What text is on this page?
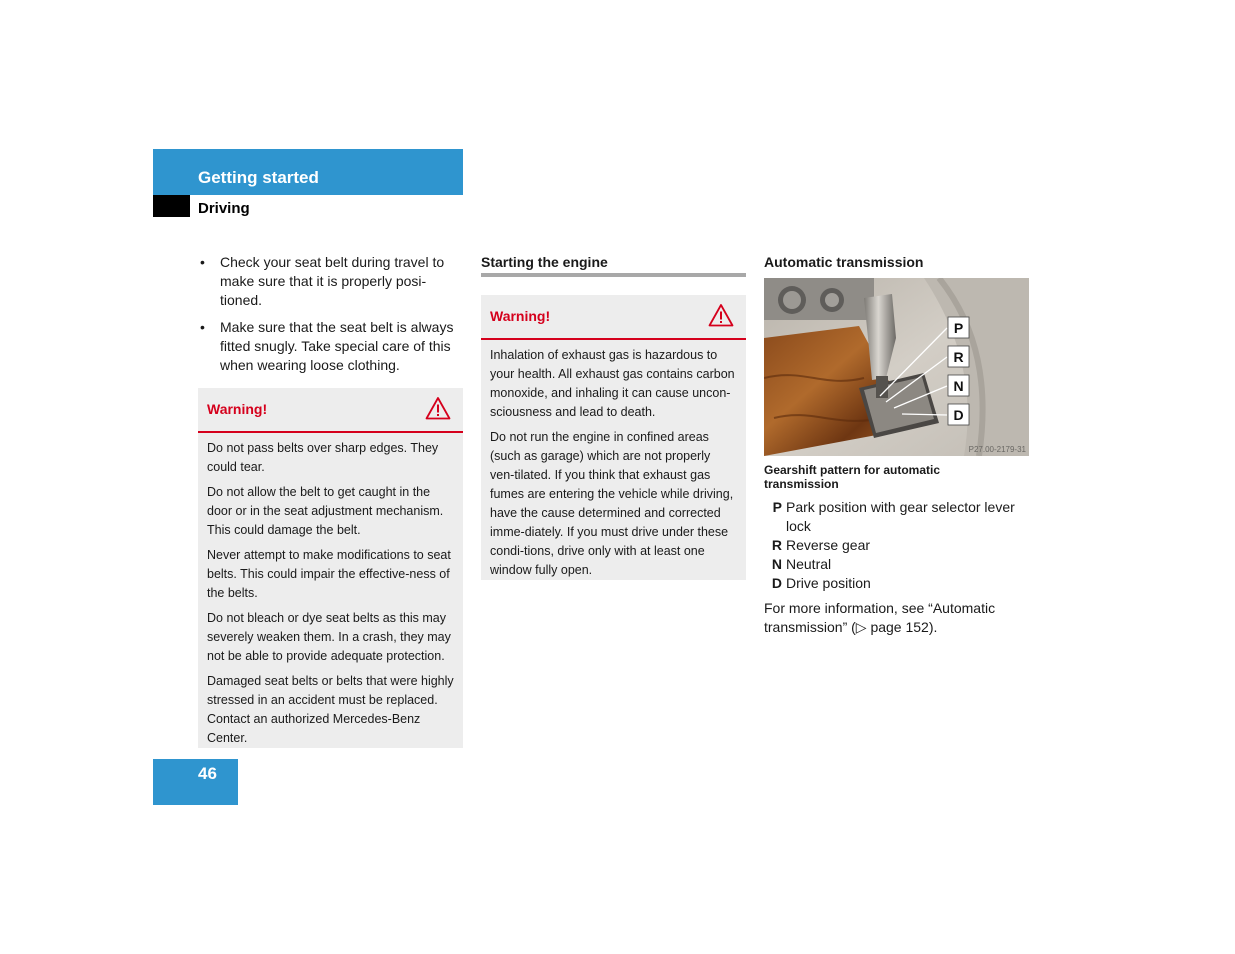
Getting started
Driving
• Check your seat belt during travel to make sure that it is properly posi-tioned.
• Make sure that the seat belt is always fitted snugly. Take special care of this when wearing loose clothing.
Warning!

Do not pass belts over sharp edges. They could tear.

Do not allow the belt to get caught in the door or in the seat adjustment mechanism. This could damage the belt.

Never attempt to make modifications to seat belts. This could impair the effective-ness of the belts.

Do not bleach or dye seat belts as this may severely weaken them. In a crash, they may not be able to provide adequate protection.

Damaged seat belts or belts that were highly stressed in an accident must be replaced. Contact an authorized Mercedes-Benz Center.

Starting the engine
Warning!

Inhalation of exhaust gas is hazardous to your health. All exhaust gas contains carbon monoxide, and inhaling it can cause uncon-sciousness and lead to death.

Do not run the engine in confined areas (such as garage) which are not properly ven-tilated. If you think that exhaust gas fumes are entering the vehicle while driving, have the cause determined and corrected imme-diately. If you must drive under these condi-tions, drive only with at least one window fully open.

Automatic transmission
P
R
N
D
P27.00-2179-31
Gearshift pattern for automatic transmission
P Park position with gear selector lever lock
R Reverse gear
N Neutral
D Drive position
For more information, see “Automatic transmission” (▷ page 152).
46
